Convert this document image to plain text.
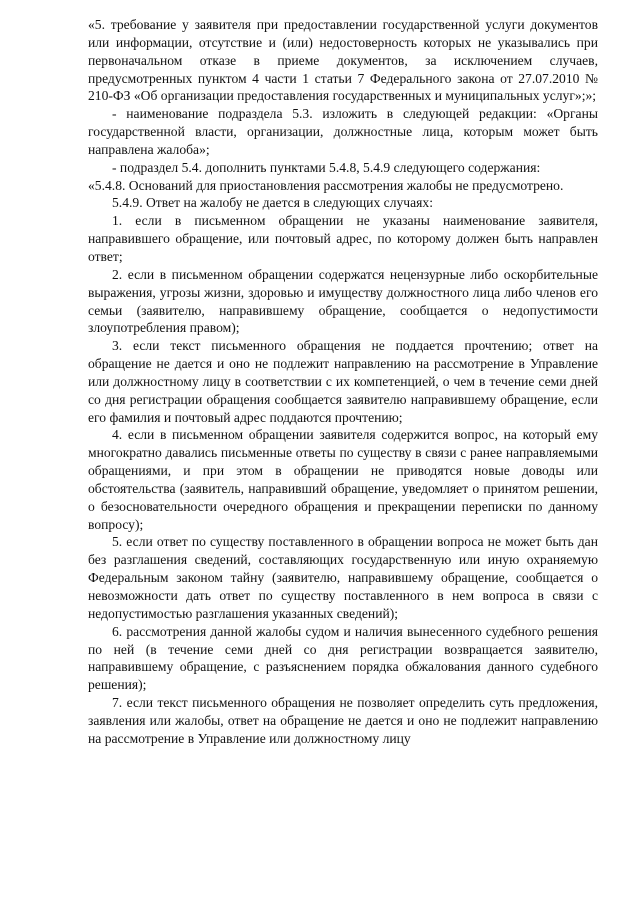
«5. требование у заявителя при предоставлении государственной услуги документов или информации, отсутствие и (или) недостоверность которых не указывались при первоначальном отказе в приеме документов, за исключением случаев, предусмотренных пунктом 4 части 1 статьи 7 Федерального закона от 27.07.2010 № 210-ФЗ «Об организации предоставления государственных и муниципальных услуг»;»;

- наименование подраздела 5.3. изложить в следующей редакции: «Органы государственной власти, организации, должностные лица, которым может быть направлена жалоба»;

- подраздел 5.4. дополнить пунктами 5.4.8, 5.4.9 следующего содержания:

«5.4.8. Оснований для приостановления рассмотрения жалобы не предусмотрено.

5.4.9. Ответ на жалобу не дается в следующих случаях:

1. если в письменном обращении не указаны наименование заявителя, направившего обращение, или почтовый адрес, по которому должен быть направлен ответ;

2. если в письменном обращении содержатся нецензурные либо оскорбительные выражения, угрозы жизни, здоровью и имуществу должностного лица либо членов его семьи (заявителю, направившему обращение, сообщается о недопустимости злоупотребления правом);

3. если текст письменного обращения не поддается прочтению; ответ на обращение не дается и оно не подлежит направлению на рассмотрение в Управление или должностному лицу в соответствии с их компетенцией, о чем в течение семи дней со дня регистрации обращения сообщается заявителю направившему обращение, если его фамилия и почтовый адрес поддаются прочтению;

4. если в письменном обращении заявителя содержится вопрос, на который ему многократно давались письменные ответы по существу в связи с ранее направляемыми обращениями, и при этом в обращении не приводятся новые доводы или обстоятельства (заявитель, направивший обращение, уведомляет о принятом решении, о безосновательности очередного обращения и прекращении переписки по данному вопросу);

5. если ответ по существу поставленного в обращении вопроса не может быть дан без разглашения сведений, составляющих государственную или иную охраняемую Федеральным законом тайну (заявителю, направившему обращение, сообщается о невозможности дать ответ по существу поставленного в нем вопроса в связи с недопустимостью разглашения указанных сведений);

6. рассмотрения данной жалобы судом и наличия вынесенного судебного решения по ней (в течение семи дней со дня регистрации возвращается заявителю, направившему обращение, с разъяснением порядка обжалования данного судебного решения);

7. если текст письменного обращения не позволяет определить суть предложения, заявления или жалобы, ответ на обращение не дается и оно не подлежит направлению на рассмотрение в Управление или должностному лицу
